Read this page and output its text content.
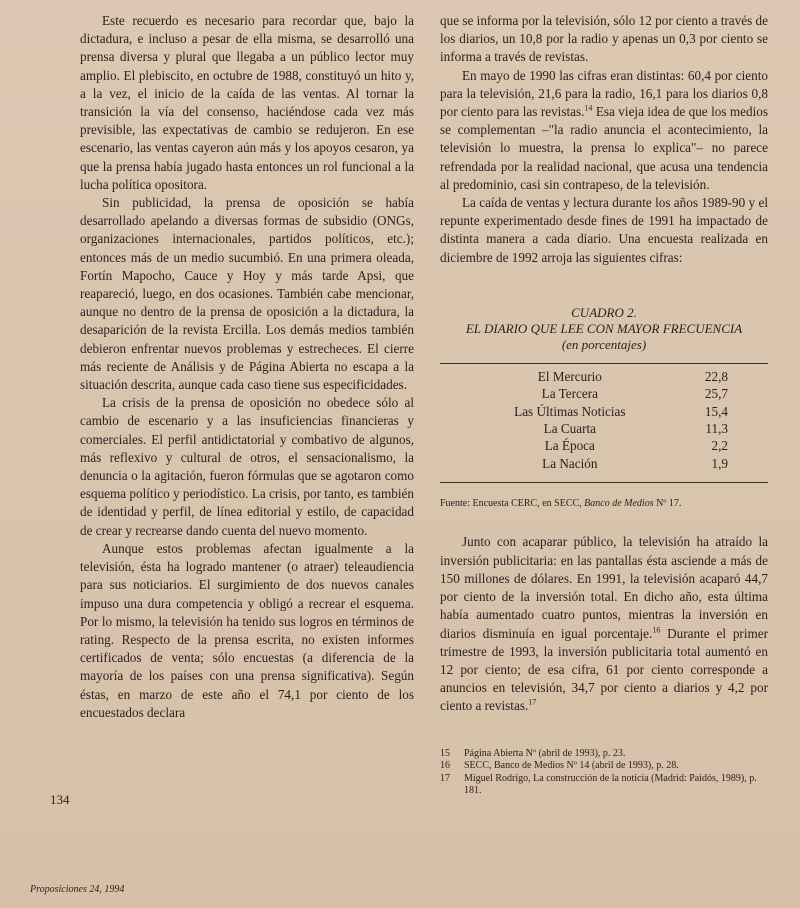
Este recuerdo es necesario para recordar que, bajo la dictadura, e incluso a pesar de ella misma, se desarrolló una prensa diversa y plural que llegaba a un público lector muy amplio. El plebiscito, en octubre de 1988, constituyó un hito y, a la vez, el inicio de la caída de las ventas. Al tornar la transición la vía del consenso, haciéndose cada vez más previsible, las expectativas de cambio se redujeron. En ese escenario, las ventas cayeron aún más y los apoyos cesaron, ya que la prensa había jugado hasta entonces un rol funcional a la lucha política opositora.

Sin publicidad, la prensa de oposición se había desarrollado apelando a diversas formas de subsidio (ONGs, organizaciones internacionales, partidos políticos, etc.); entonces más de un medio sucumbió. En una primera oleada, Fortín Mapocho, Cauce y Hoy y más tarde Apsi, que reapareció, luego, en dos ocasiones. También cabe mencionar, aunque no dentro de la prensa de oposición a la dictadura, la desaparición de la revista Ercilla. Los demás medios también debieron enfrentar nuevos problemas y estrecheces. El cierre más reciente de Análisis y de Página Abierta no escapa a la situación descrita, aunque cada caso tiene sus especificidades.

La crisis de la prensa de oposición no obedece sólo al cambio de escenario y a las insuficiencias financieras y comerciales. El perfil antidictatorial y combativo de algunos, más reflexivo y cultural de otros, el sensacionalismo, la denuncia o la agitación, fueron fórmulas que se agotaron como esquema político y periodístico. La crisis, por tanto, es también de identidad y perfil, de línea editorial y estilo, de capacidad de crear y recrearse dando cuenta del nuevo momento.

Aunque estos problemas afectan igualmente a la televisión, ésta ha logrado mantener (o atraer) teleaudiencia para sus noticiarios. El surgimiento de dos nuevos canales impuso una dura competencia y obligó a recrear el esquema. Por lo mismo, la televisión ha tenido sus logros en términos de rating. Respecto de la prensa escrita, no existen informes certificados de venta; sólo encuestas (a diferencia de la mayoría de los países con una prensa significativa). Según éstas, en marzo de este año el 74,1 por ciento de los encuestados declara

que se informa por la televisión, sólo 12 por ciento a través de los diarios, un 10,8 por la radio y apenas un 0,3 por ciento se informa a través de revistas.

En mayo de 1990 las cifras eran distintas: 60,4 por ciento para la televisión, 21,6 para la radio, 16,1 para los diarios 0,8 por ciento para las revistas.$^{14}$ Esa vieja idea de que los medios se complementan –"la radio anuncia el acontecimiento, la televisión lo muestra, la prensa lo explica"– no parece refrendada por la realidad nacional, que acusa una tendencia al predominio, casi sin contrapeso, de la televisión.

La caída de ventas y lectura durante los años 1989-90 y el repunte experimentado desde fines de 1991 ha impactado de distinta manera a cada diario. Una encuesta realizada en diciembre de 1992 arroja las siguientes cifras:

CUADRO 2.
EL DIARIO QUE LEE CON MAYOR FRECUENCIA
(en porcentajes)
El Mercurio	22,8
La Tercera	25,7
Las Últimas Noticias	15,4
La Cuarta	11,3
La Época	2,2
La Nación	1,9
Fuente: Encuesta CERC, en SECC, Banco de Medios Nº 17.

Junto con acaparar público, la televisión ha atraído la inversión publicitaria: en las pantallas ésta asciende a más de 150 millones de dólares. En 1991, la televisión acaparó 44,7 por ciento de la inversión total. En dicho año, esta última había aumentado cuatro puntos, mientras la inversión en diarios disminuía en igual porcentaje.$^{16}$ Durante el primer trimestre de 1993, la inversión publicitaria total aumentó en 12 por ciento; de esa cifra, 61 por ciento corresponde a anuncios en televisión, 34,7 por ciento a diarios y 4,2 por ciento a revistas.$^{17}$

15	Página Abierta Nº (abril de 1993), p. 23.
16	SECC, Banco de Medios Nº 14 (abril de 1993), p. 28.
17	Miguel Rodrigo, La construcción de la noticia (Madrid: Paidós, 1989), p. 181.
134
Proposiciones 24, 1994
